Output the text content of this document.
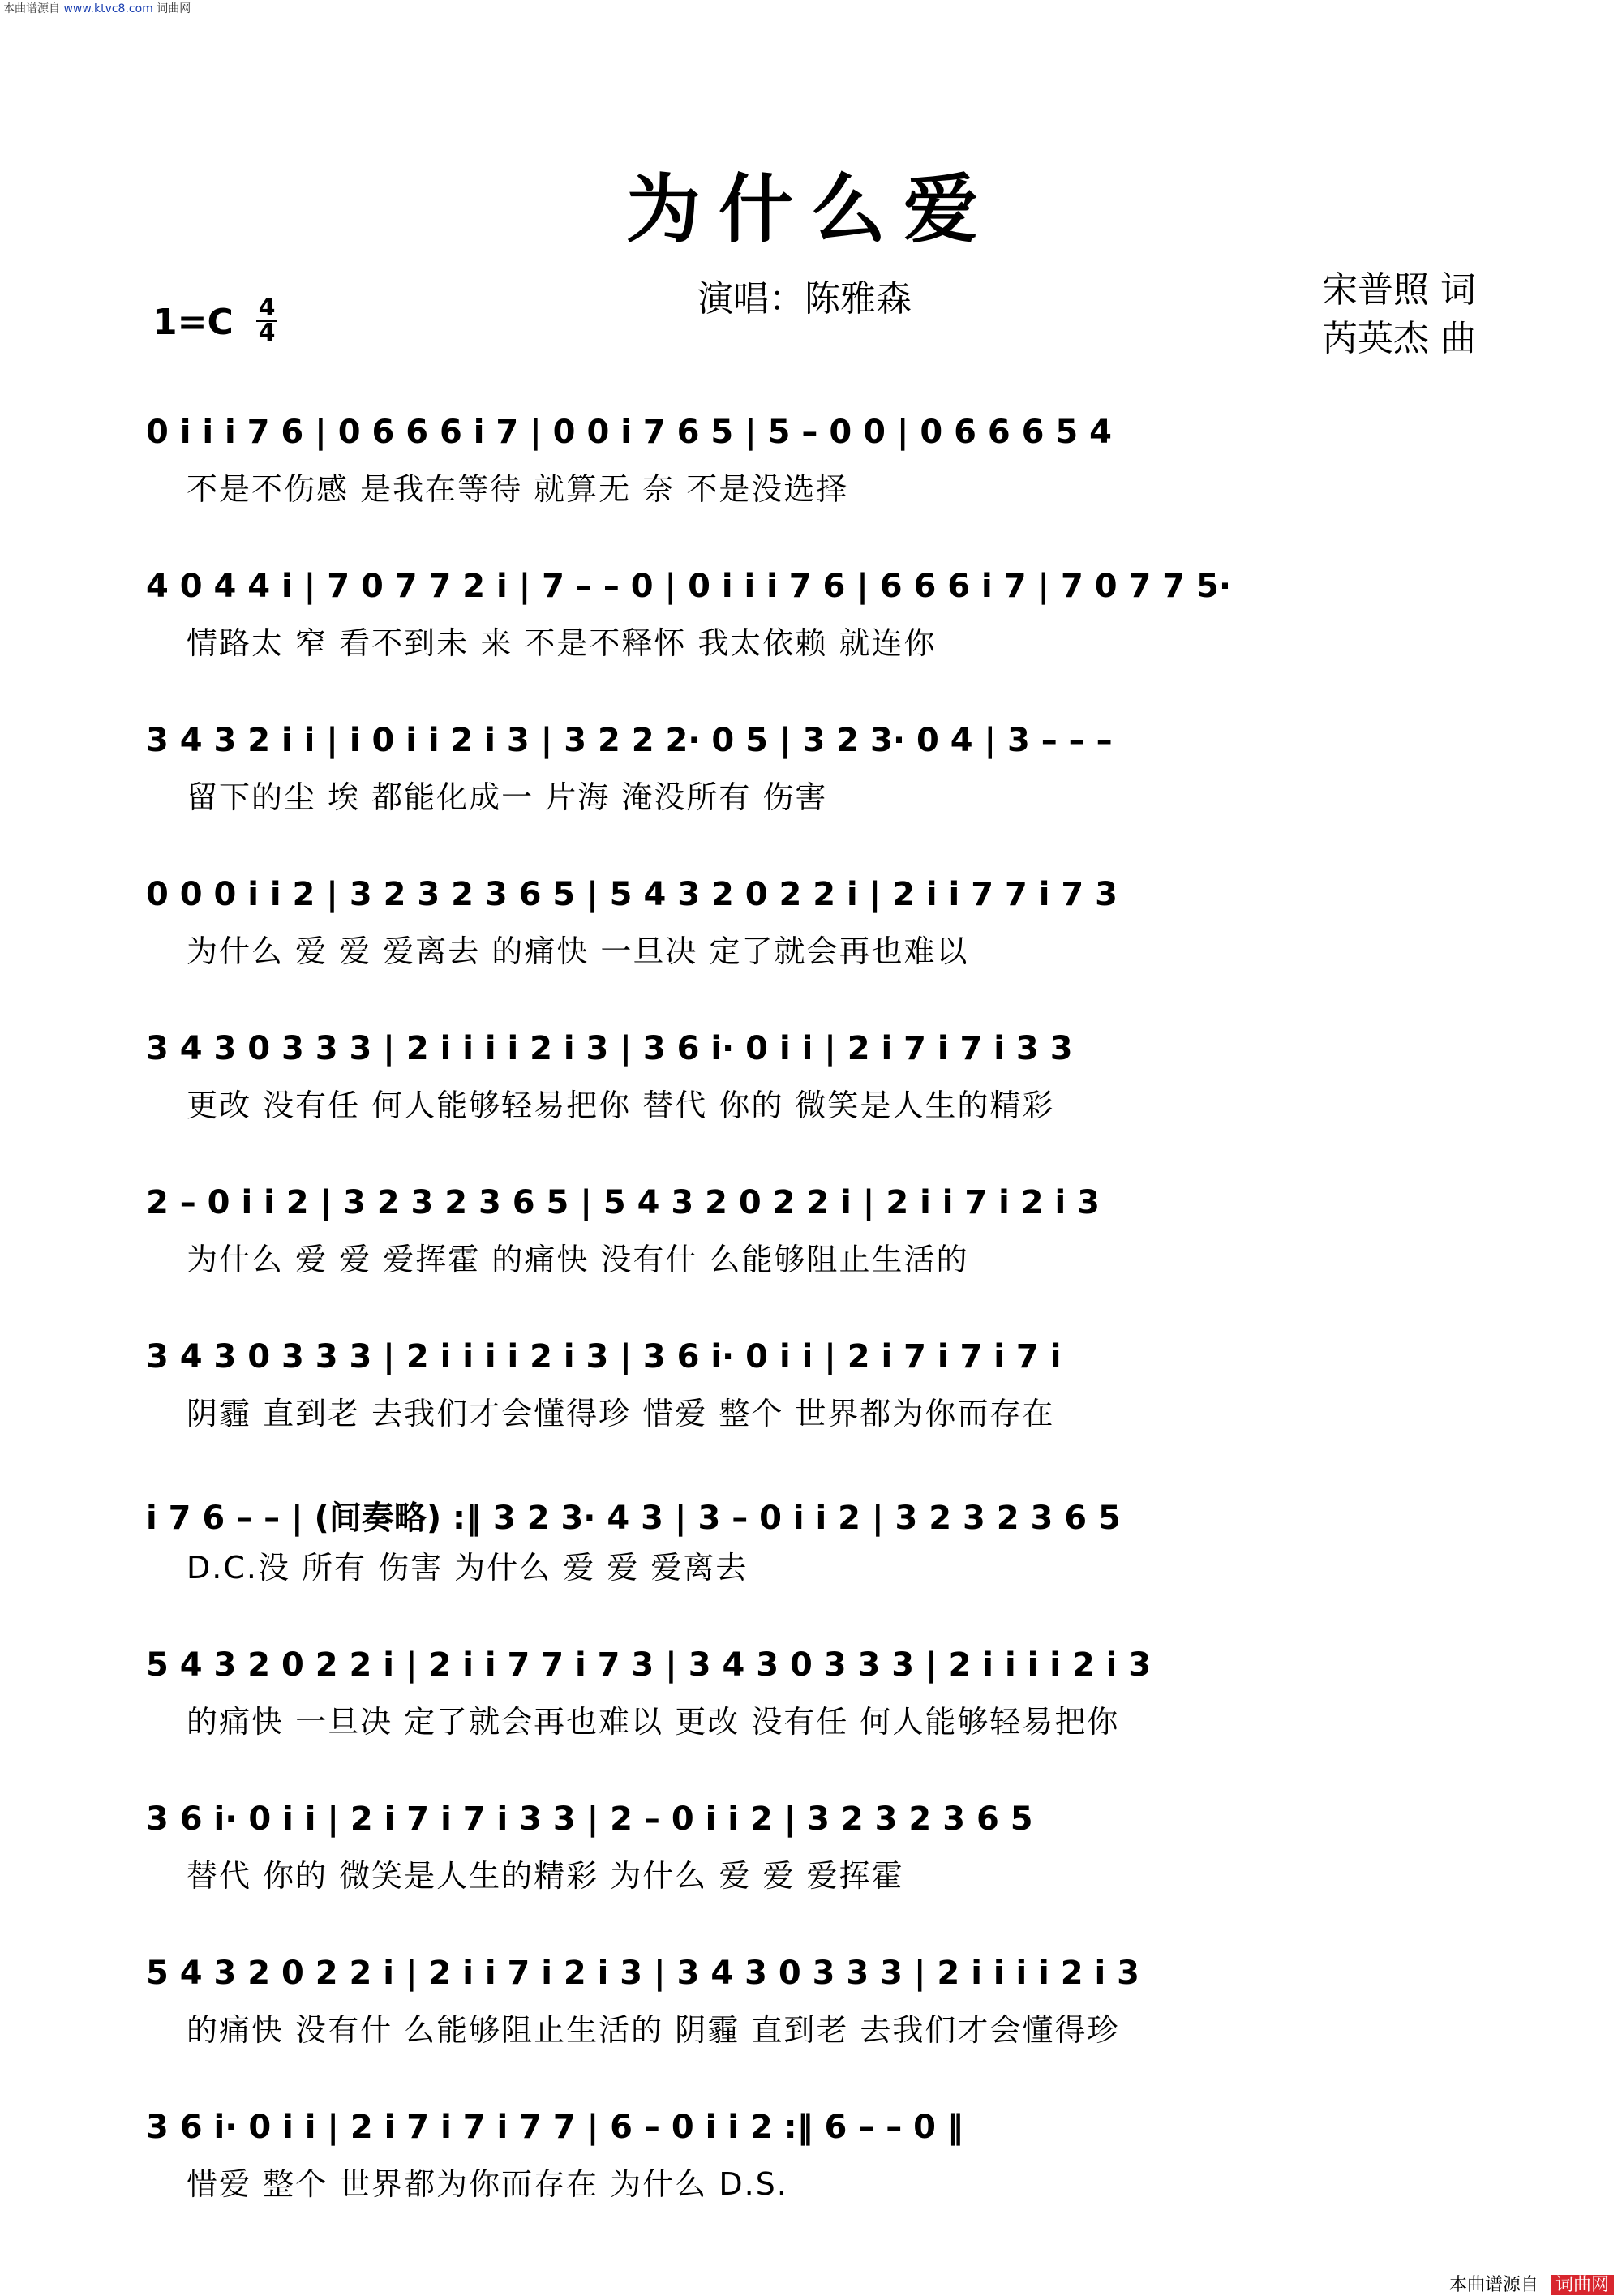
本曲谱源自 www.ktvc8.com 词曲网
为什么爱
演唱：陈雅森	宋普照 词
芮英杰 曲
1=C 4
4
0 i i i 7 6 | 0 6 6 6 i 7 | 0 0 i 7 6 5 | 5 – 0 0 | 0 6 6 6 5 4
不是不伤感 是我在等待 就算无 奈 不是没选择
4 0 4 4 i | 7 0 7 7 2 i | 7 – – 0 | 0 i i i 7 6 | 6 6 6 i 7 | 7 0 7 7 5·
情路太 窄 看不到未 来 不是不释怀 我太依赖 就连你
3 4 3 2 i i | i 0 i i 2 i 3 | 3 2 2 2· 0 5 | 3 2 3· 0 4 | 3 – – –
留下的尘 埃 都能化成一 片海 淹没所有 伤害
0 0 0 i i 2 | 3 2 3 2 3 6 5 | 5 4 3 2 0 2 2 i | 2 i i 7 7 i 7 3
为什么 爱 爱 爱离去 的痛快 一旦决 定了就会再也难以
3 4 3 0 3 3 3 | 2 i i i i 2 i 3 | 3 6 i· 0 i i | 2 i 7 i 7 i 3 3
更改 没有任 何人能够轻易把你 替代 你的 微笑是人生的精彩
2 – 0 i i 2 | 3 2 3 2 3 6 5 | 5 4 3 2 0 2 2 i | 2 i i 7 i 2 i 3
为什么 爱 爱 爱挥霍 的痛快 没有什 么能够阻止生活的
3 4 3 0 3 3 3 | 2 i i i i 2 i 3 | 3 6 i· 0 i i | 2 i 7 i 7 i 7 i
阴霾 直到老 去我们才会懂得珍 惜爱 整个 世界都为你而存在
i 7 6 – – | (间奏略) :‖ 3 2 3· 4 3 | 3 – 0 i i 2 | 3 2 3 2 3 6 5
D.C.没 所有 伤害 为什么 爱 爱 爱离去
5 4 3 2 0 2 2 i | 2 i i 7 7 i 7 3 | 3 4 3 0 3 3 3 | 2 i i i i 2 i 3
的痛快 一旦决 定了就会再也难以 更改 没有任 何人能够轻易把你
3 6 i· 0 i i | 2 i 7 i 7 i 3 3 | 2 – 0 i i 2 | 3 2 3 2 3 6 5
替代 你的 微笑是人生的精彩 为什么 爱 爱 爱挥霍
5 4 3 2 0 2 2 i | 2 i i 7 i 2 i 3 | 3 4 3 0 3 3 3 | 2 i i i i 2 i 3
的痛快 没有什 么能够阻止生活的 阴霾 直到老 去我们才会懂得珍
3 6 i· 0 i i | 2 i 7 i 7 i 7 7 | 6 – 0 i i 2 :‖ 6 – – 0 ‖
惜爱 整个 世界都为你而存在 为什么 D.S.
本曲谱源自 词曲网
